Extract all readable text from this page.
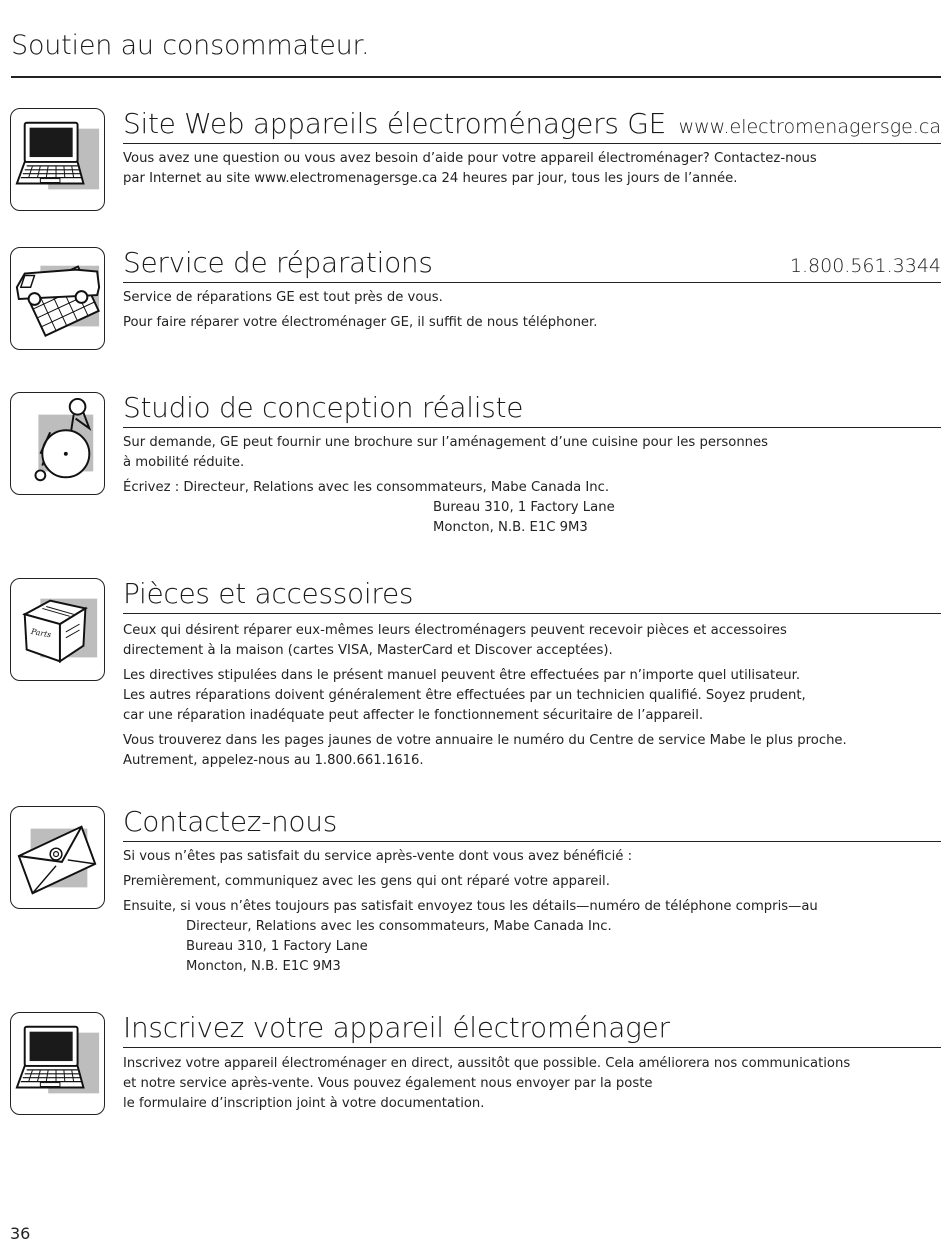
Soutien au consommateur.
Site Web appareils électroménagers GE www.electromenagersge.ca

Vous avez une question ou vous avez besoin d’aide pour votre appareil électroménager? Contactez-nous

par Internet au site www.electromenagersge.ca 24 heures par jour, tous les jours de l’année.

Service de réparations	1.800.561.3344

Service de réparations GE est tout près de vous.

Pour faire réparer votre électroménager GE, il suffit de nous téléphoner.

Studio de conception réaliste

Sur demande, GE peut fournir une brochure sur l’aménagement d’une cuisine pour les personnes

à mobilité réduite.

Écrivez : Directeur, Relations avec les consommateurs, Mabe Canada Inc.

Bureau 310, 1 Factory Lane

Moncton, N.B. E1C 9M3

Parts
Pièces et accessoires

Ceux qui désirent réparer eux-mêmes leurs électroménagers peuvent recevoir pièces et accessoires

directement à la maison (cartes VISA, MasterCard et Discover acceptées).

Les directives stipulées dans le présent manuel peuvent être effectuées par n’importe quel utilisateur.

Les autres réparations doivent généralement être effectuées par un technicien qualifié. Soyez prudent,

car une réparation inadéquate peut affecter le fonctionnement sécuritaire de l’appareil.

Vous trouverez dans les pages jaunes de votre annuaire le numéro du Centre de service Mabe le plus proche.

Autrement, appelez-nous au 1.800.661.1616.

Contactez-nous

Si vous n’êtes pas satisfait du service après-vente dont vous avez bénéficié :

Premièrement, communiquez avec les gens qui ont réparé votre appareil.

Ensuite, si vous n’êtes toujours pas satisfait envoyez tous les détails—numéro de téléphone compris—au

Directeur, Relations avec les consommateurs, Mabe Canada Inc.

Bureau 310, 1 Factory Lane

Moncton, N.B. E1C 9M3

Inscrivez votre appareil électroménager

Inscrivez votre appareil électroménager en direct, aussitôt que possible. Cela améliorera nos communications

et notre service après-vente. Vous pouvez également nous envoyer par la poste

le formulaire d’inscription joint à votre documentation.

36
